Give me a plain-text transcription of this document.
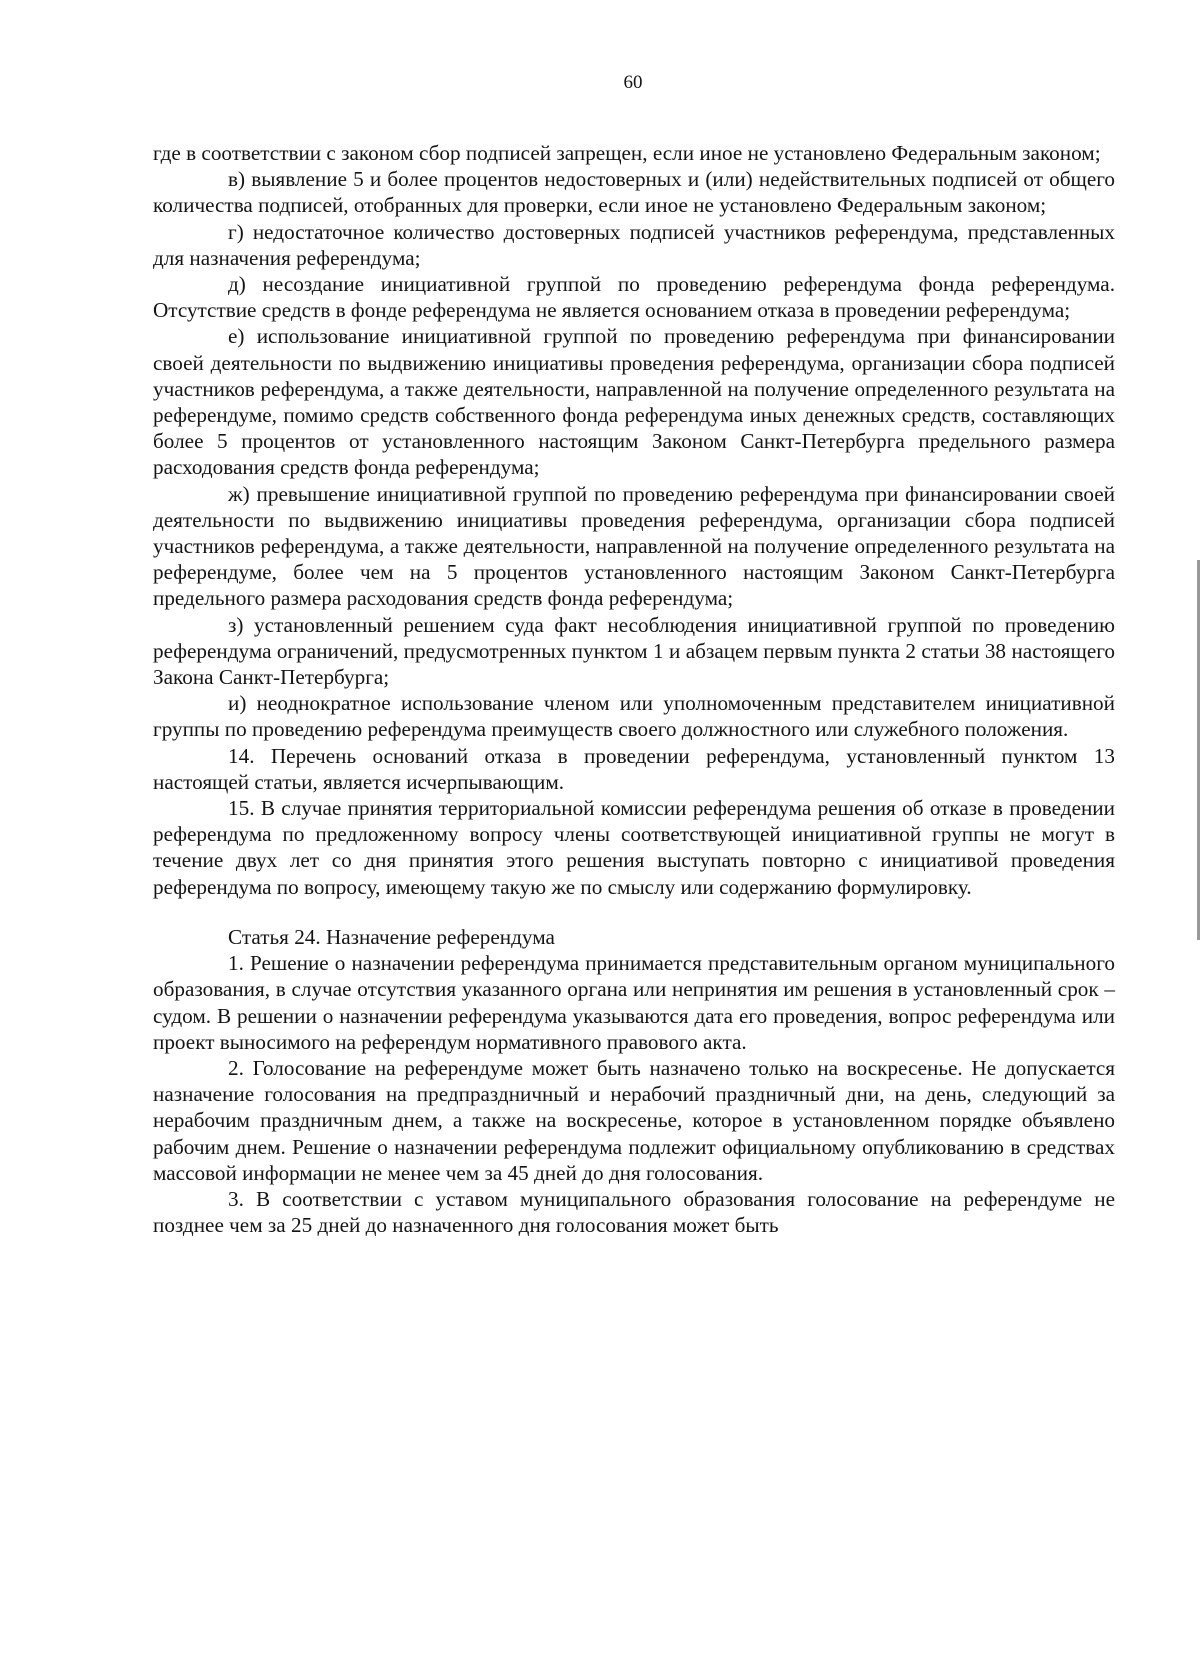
60

где в соответствии с законом сбор подписей запрещен, если иное не установлено Федеральным законом;

в) выявление 5 и более процентов недостоверных и (или) недействительных подписей от общего количества подписей, отобранных для проверки, если иное не установлено Федеральным законом;

г) недостаточное количество достоверных подписей участников референдума, представленных для назначения референдума;

д) несоздание инициативной группой по проведению референдума фонда референдума. Отсутствие средств в фонде референдума не является основанием отказа в проведении референдума;

е) использование инициативной группой по проведению референдума при финансировании своей деятельности по выдвижению инициативы проведения референдума, организации сбора подписей участников референдума, а также деятельности, направленной на получение определенного результата на референдуме, помимо средств собственного фонда референдума иных денежных средств, составляющих более 5 процентов от установленного настоящим Законом Санкт-Петербурга предельного размера расходования средств фонда референдума;

ж) превышение инициативной группой по проведению референдума при финансировании своей деятельности по выдвижению инициативы проведения референдума, организации сбора подписей участников референдума, а также деятельности, направленной на получение определенного результата на референдуме, более чем на 5 процентов установленного настоящим Законом Санкт-Петербурга предельного размера расходования средств фонда референдума;

з) установленный решением суда факт несоблюдения инициативной группой по проведению референдума ограничений, предусмотренных пунктом 1 и абзацем первым пункта 2 статьи 38 настоящего Закона Санкт-Петербурга;

и) неоднократное использование членом или уполномоченным представителем инициативной группы по проведению референдума преимуществ своего должностного или служебного положения.

14. Перечень оснований отказа в проведении референдума, установленный пунктом 13 настоящей статьи, является исчерпывающим.

15. В случае принятия территориальной комиссии референдума решения об отказе в проведении референдума по предложенному вопросу члены соответствующей инициативной группы не могут в течение двух лет со дня принятия этого решения выступать повторно с инициативой проведения референдума по вопросу, имеющему такую же по смыслу или содержанию формулировку.

Статья 24. Назначение референдума

1. Решение о назначении референдума принимается представительным органом муниципального образования, в случае отсутствия указанного органа или непринятия им решения в установленный срок – судом. В решении о назначении референдума указываются дата его проведения, вопрос референдума или проект выносимого на референдум нормативного правового акта.

2. Голосование на референдуме может быть назначено только на воскресенье. Не допускается назначение голосования на предпраздничный и нерабочий праздничный дни, на день, следующий за нерабочим праздничным днем, а также на воскресенье, которое в установленном порядке объявлено рабочим днем. Решение о назначении референдума подлежит официальному опубликованию в средствах массовой информации не менее чем за 45 дней до дня голосования.

3. В соответствии с уставом муниципального образования голосование на референдуме не позднее чем за 25 дней до назначенного дня голосования может быть
